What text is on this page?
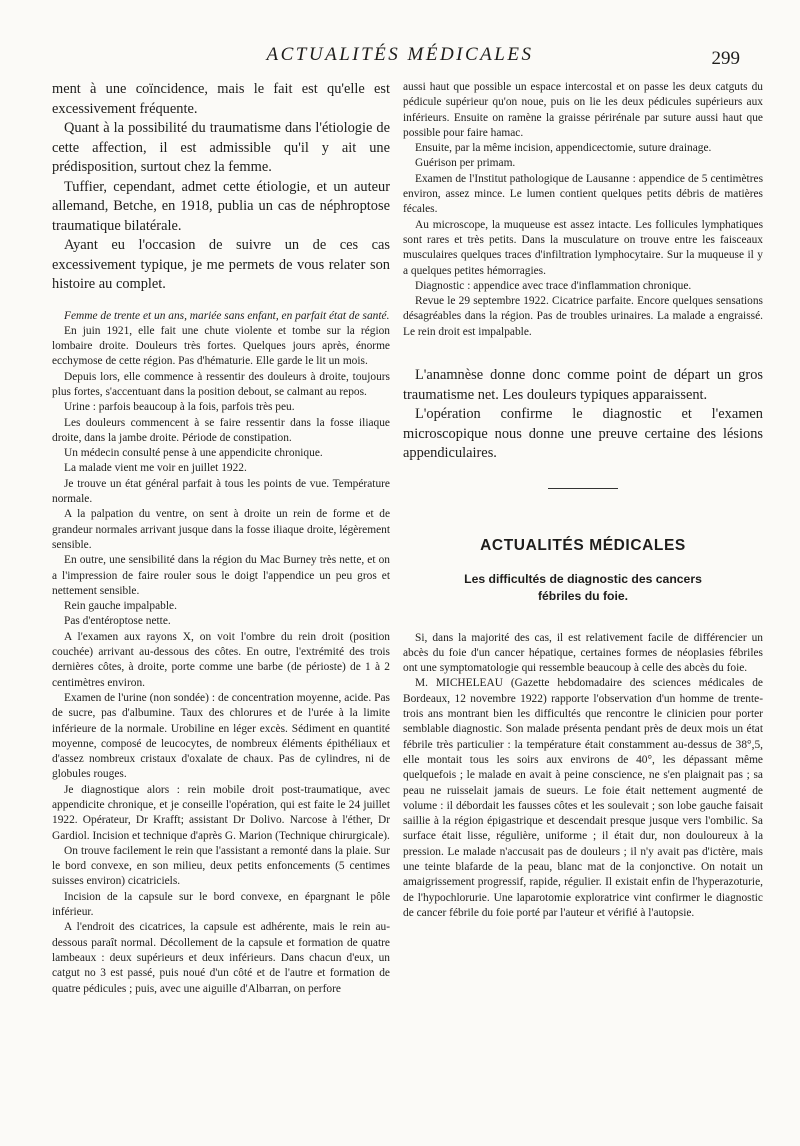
ACTUALITÉS MÉDICALES	299

ment à une coïncidence, mais le fait est qu'elle est excessivement fréquente.

Quant à la possibilité du traumatisme dans l'étiologie de cette affection, il est admissible qu'il y ait une prédisposition, surtout chez la femme.

Tuffier, cependant, admet cette étiologie, et un auteur allemand, Betche, en 1918, publia un cas de néphroptose traumatique bilatérale.

Ayant eu l'occasion de suivre un de ces cas excessivement typique, je me permets de vous relater son histoire au complet.

Femme de trente et un ans, mariée sans enfant, en parfait état de santé.

En juin 1921, elle fait une chute violente et tombe sur la région lombaire droite. Douleurs très fortes. Quelques jours après, énorme ecchymose de cette région. Pas d'hématurie. Elle garde le lit un mois.

Depuis lors, elle commence à ressentir des douleurs à droite, toujours plus fortes, s'accentuant dans la position debout, se calmant au repos.

Urine : parfois beaucoup à la fois, parfois très peu.

Les douleurs commencent à se faire ressentir dans la fosse iliaque droite, dans la jambe droite. Période de constipation.

Un médecin consulté pense à une appendicite chronique.

La malade vient me voir en juillet 1922.

Je trouve un état général parfait à tous les points de vue. Température normale.

A la palpation du ventre, on sent à droite un rein de forme et de grandeur normales arrivant jusque dans la fosse iliaque droite, légèrement sensible.

En outre, une sensibilité dans la région du Mac Burney très nette, et on a l'impression de faire rouler sous le doigt l'appendice un peu gros et nettement sensible.

Rein gauche impalpable.

Pas d'entéroptose nette.

A l'examen aux rayons X, on voit l'ombre du rein droit (position couchée) arrivant au-dessous des côtes. En outre, l'extrémité des trois dernières côtes, à droite, porte comme une barbe (de périoste) de 1 à 2 centimètres environ.

Examen de l'urine (non sondée) : de concentration moyenne, acide. Pas de sucre, pas d'albumine. Taux des chlorures et de l'urée à la limite inférieure de la normale. Urobiline en léger excès. Sédiment en quantité moyenne, composé de leucocytes, de nombreux éléments épithéliaux et d'assez nombreux cristaux d'oxalate de chaux. Pas de cylindres, ni de globules rouges.

Je diagnostique alors : rein mobile droit post-traumatique, avec appendicite chronique, et je conseille l'opération, qui est faite le 24 juillet 1922. Opérateur, Dr Krafft; assistant Dr Dolivo. Narcose à l'éther, Dr Gardiol. Incision et technique d'après G. Marion (Technique chirurgicale).

On trouve facilement le rein que l'assistant a remonté dans la plaie. Sur le bord convexe, en son milieu, deux petits enfoncements (5 centimes suisses environ) cicatriciels.

Incision de la capsule sur le bord convexe, en épargnant le pôle inférieur.

A l'endroit des cicatrices, la capsule est adhérente, mais le rein au-dessous paraît normal. Décollement de la capsule et formation de quatre lambeaux : deux supérieurs et deux inférieurs. Dans chacun d'eux, un catgut no 3 est passé, puis noué d'un côté et de l'autre et formation de quatre pédicules ; puis, avec une aiguille d'Albarran, on perfore

aussi haut que possible un espace intercostal et on passe les deux catguts du pédicule supérieur qu'on noue, puis on lie les deux pédicules supérieurs aux inférieurs. Ensuite on ramène la graisse périrénale par suture aussi haut que possible pour faire hamac.

Ensuite, par la même incision, appendicectomie, suture drainage.

Guérison per primam.

Examen de l'Institut pathologique de Lausanne : appendice de 5 centimètres environ, assez mince. Le lumen contient quelques petits débris de matières fécales.

Au microscope, la muqueuse est assez intacte. Les follicules lymphatiques sont rares et très petits. Dans la musculature on trouve entre les faisceaux musculaires quelques traces d'infiltration lymphocytaire. Sur la muqueuse il y a quelques petites hémorragies.

Diagnostic : appendice avec trace d'inflammation chronique.

Revue le 29 septembre 1922. Cicatrice parfaite. Encore quelques sensations désagréables dans la région. Pas de troubles urinaires. La malade a engraissé. Le rein droit est impalpable.

L'anamnèse donne donc comme point de départ un gros traumatisme net. Les douleurs typiques apparaissent.

L'opération confirme le diagnostic et l'examen microscopique nous donne une preuve certaine des lésions appendiculaires.

ACTUALITÉS MÉDICALES
Les difficultés de diagnostic des cancers
fébriles du foie.

Si, dans la majorité des cas, il est relativement facile de différencier un abcès du foie d'un cancer hépatique, certaines formes de néoplasies fébriles ont une symptomatologie qui ressemble beaucoup à celle des abcès du foie.

M. MICHELEAU (Gazette hebdomadaire des sciences médicales de Bordeaux, 12 novembre 1922) rapporte l'observation d'un homme de trente-trois ans montrant bien les difficultés que rencontre le clinicien pour porter semblable diagnostic. Son malade présenta pendant près de deux mois un état fébrile très particulier : la température était constamment au-dessus de 38°,5, elle montait tous les soirs aux environs de 40°, les dépassant même quelquefois ; le malade en avait à peine conscience, ne s'en plaignait pas ; sa peau ne ruisselait jamais de sueurs. Le foie était nettement augmenté de volume : il débordait les fausses côtes et les soulevait ; son lobe gauche faisait saillie à la région épigastrique et descendait presque jusque vers l'ombilic. Sa surface était lisse, régulière, uniforme ; il était dur, non douloureux à la pression. Le malade n'accusait pas de douleurs ; il n'y avait pas d'ictère, mais une teinte blafarde de la peau, blanc mat de la conjonctive. On notait un amaigrissement progressif, rapide, régulier. Il existait enfin de l'hyperazoturie, de l'hypochlorurie. Une laparotomie exploratrice vint confirmer le diagnostic de cancer fébrile du foie porté par l'auteur et vérifié à l'autopsie.
